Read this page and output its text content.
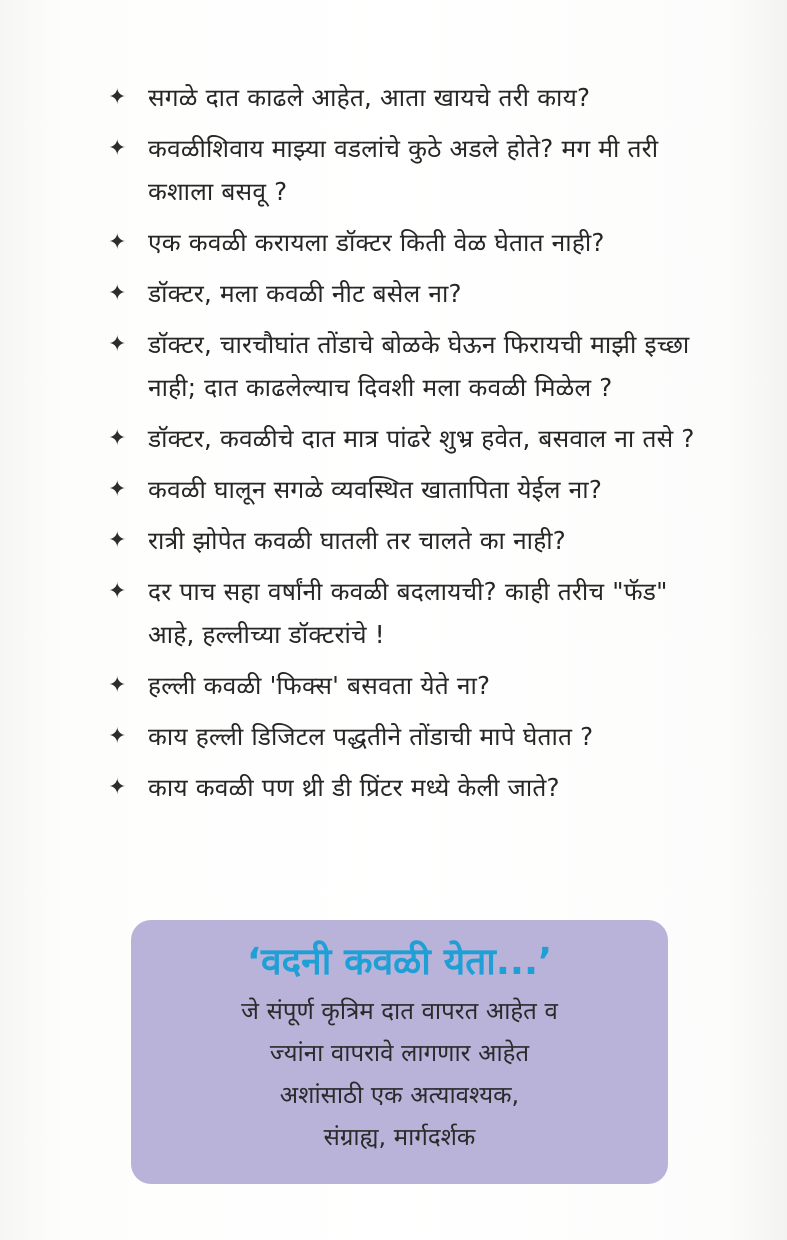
✦ सगळे दात काढले आहेत, आता खायचे तरी काय?
✦ कवळीशिवाय माझ्या वडलांचे कुठे अडले होते? मग मी तरी कशाला बसवू ?
✦ एक कवळी करायला डॉक्टर किती वेळ घेतात नाही?
✦ डॉक्टर, मला कवळी नीट बसेल ना?
✦ डॉक्टर, चारचौघांत तोंडाचे बोळके घेऊन फिरायची माझी इच्छा नाही; दात काढलेल्याच दिवशी मला कवळी मिळेल ?
✦ डॉक्टर, कवळीचे दात मात्र पांढरे शुभ्र हवेत, बसवाल ना तसे ?
✦ कवळी घालून सगळे व्यवस्थित खातापिता येईल ना?
✦ रात्री झोपेत कवळी घातली तर चालते का नाही?
✦ दर पाच सहा वर्षांनी कवळी बदलायची? काही तरीच "फॅड" आहे, हल्लीच्या डॉक्टरांचे !
✦ हल्ली कवळी 'फिक्स' बसवता येते ना?
✦ काय हल्ली डिजिटल पद्धतीने तोंडाची मापे घेतात ?
✦ काय कवळी पण थ्री डी प्रिंटर मध्ये केली जाते?

‘वदनी कवळी येता...’

जे संपूर्ण कृत्रिम दात वापरत आहेत व

ज्यांना वापरावे लागणार आहेत

अशांसाठी एक अत्यावश्यक,

संग्राह्य, मार्गदर्शक
